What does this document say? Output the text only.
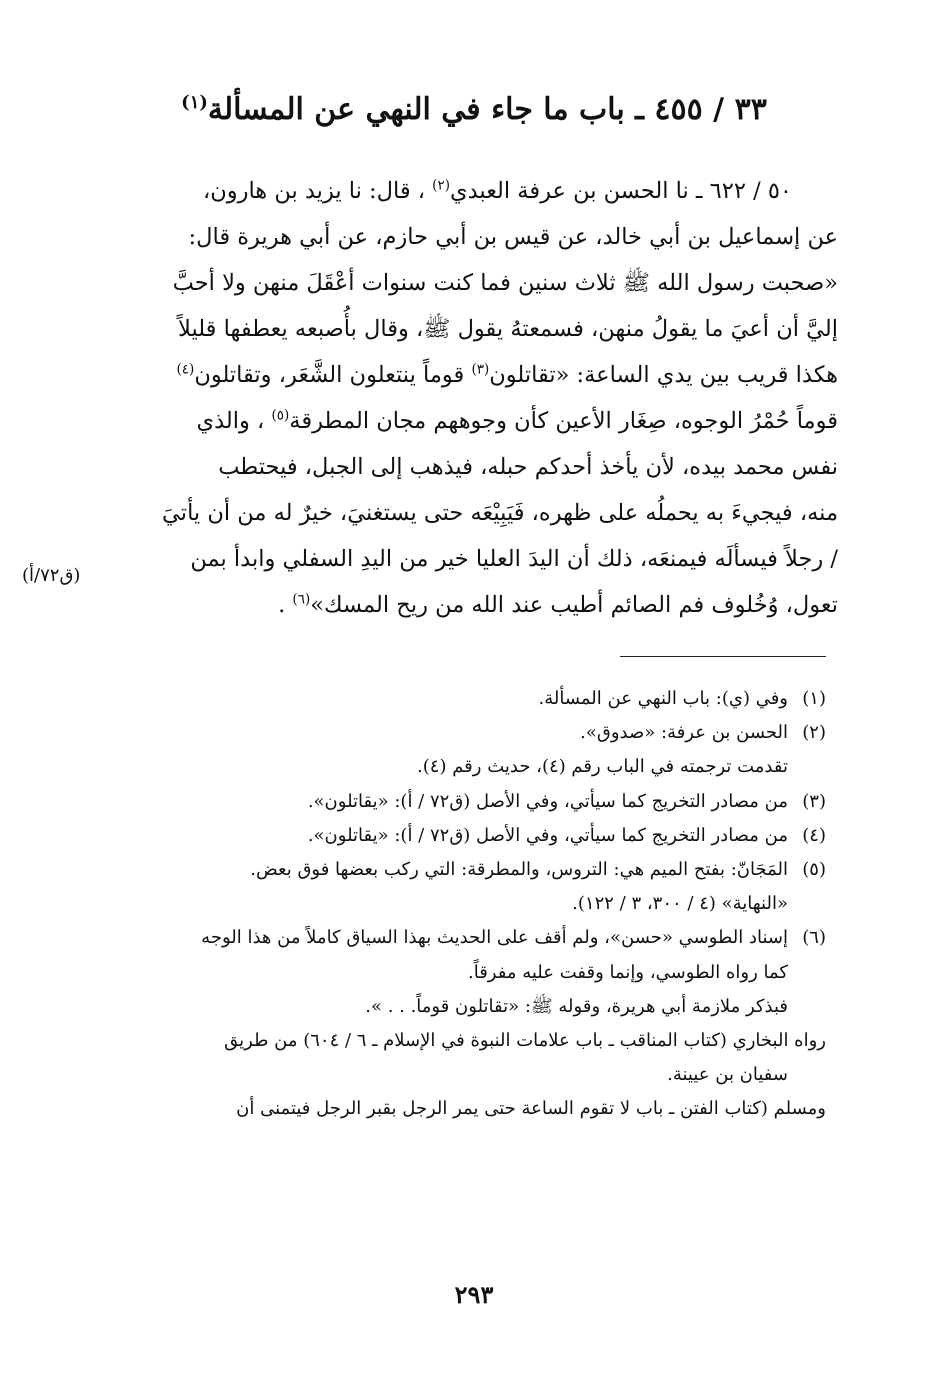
٣٣ / ٤٥٥ ـ باب ما جاء في النهي عن المسألة$^{(١)}$
٥٠ / ٦٢٢ ـ نا الحسن بن عرفة العبدي$^{(٢)}$ ، قال: نا يزيد بن هارون،
عن إسماعيل بن أبي خالد، عن قيس بن أبي حازم، عن أبي هريرة قال:
«صحبت رسول الله ﷺ ثلاث سنين فما كنت سنوات أعْقَلَ منهن ولا أحبَّ
إليَّ أن أعيَ ما يقولُ منهن، فسمعتهُ يقول ﷺ، وقال بأُصبعه يعطفها قليلاً
هكذا قريب بين يدي الساعة: «تقاتلون$^{(٣)}$ قوماً ينتعلون الشَّعَر، وتقاتلون$^{(٤)}$
قوماً حُمْرُ الوجوه، صِغَار الأعين كأن وجوههم مجان المطرقة$^{(٥)}$ ، والذي
نفس محمد بيده، لأن يأخذ أحدكم حبله، فيذهب إلى الجبل، فيحتطب
منه، فيجيءَ به يحملُه على ظهره، فَيَبِيْعَه حتى يستغنيَ، خيرٌ له من أن يأتيَ
/ رجلاً فيسألَه فيمنعَه، ذلك أن اليدَ العليا خير من اليدِ السفلي وابدأ بمن
تعول، وُخُلوف فم الصائم أطيب عند الله من ريح المسك»$^{(٦)}$ .
(ق٧٢/أ)
(١)وفي (ي): باب النهي عن المسألة.
(٢)الحسن بن عرفة: «صدوق».
تقدمت ترجمته في الباب رقم (٤)، حديث رقم (٤).
(٣)من مصادر التخريج كما سيأتي، وفي الأصل (ق٧٢ / أ): «يقاتلون».
(٤)من مصادر التخريج كما سيأتي، وفي الأصل (ق٧٢ / أ): «يقاتلون».
(٥)المَجَانّ: بفتح الميم هي: التروس، والمطرقة: التي ركب بعضها فوق بعض.
«النهاية» (٤ / ٣٠٠، ٣ / ١٢٢).
(٦)إسناد الطوسي «حسن»، ولم أقف على الحديث بهذا السياق كاملاً من هذا الوجه
كما رواه الطوسي، وإنما وقفت عليه مفرقاً.
فبذكر ملازمة أبي هريرة، وقوله ﷺ: «تقاتلون قوماً. . . ».
رواه البخاري (كتاب المناقب ـ باب علامات النبوة في الإسلام ـ ٦ / ٦٠٤) من طريق
سفيان بن عيينة.
ومسلم (كتاب الفتن ـ باب لا تقوم الساعة حتى يمر الرجل بقبر الرجل فيتمنى أن
٢٩٣
